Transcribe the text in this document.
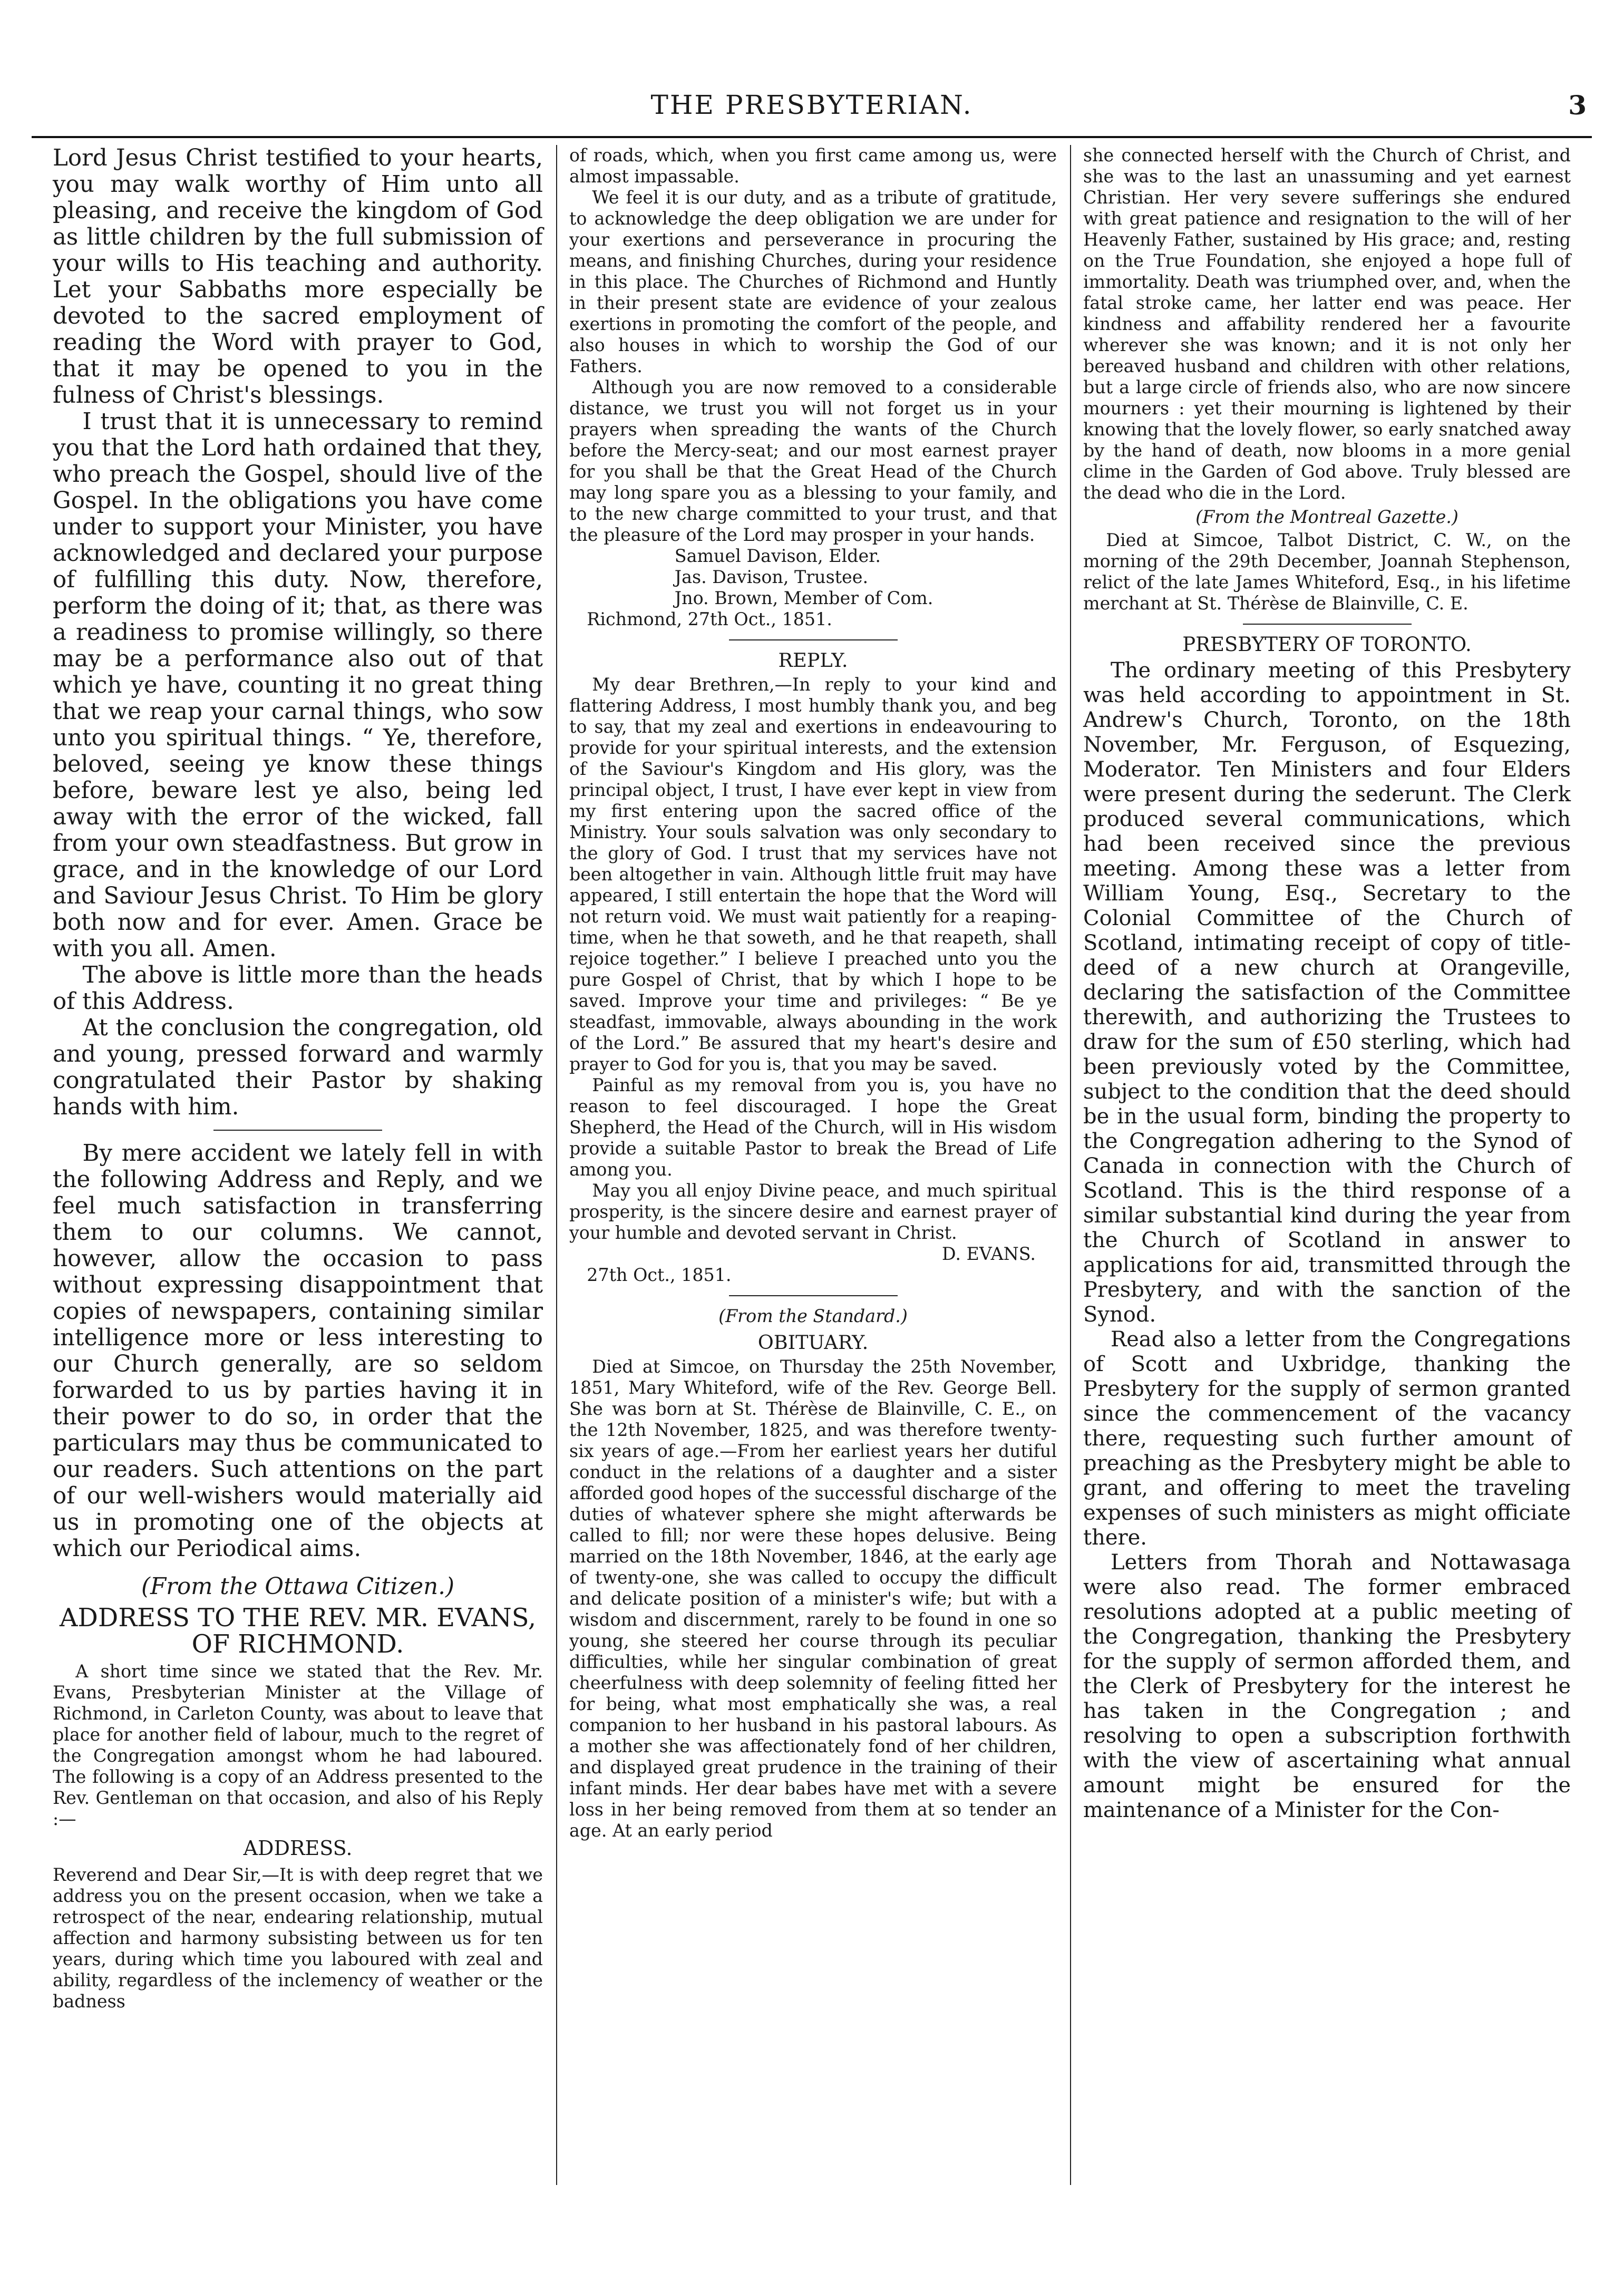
THE PRESBYTERIAN.	3

Lord Jesus Christ testified to your hearts, you may walk worthy of Him unto all pleasing, and receive the kingdom of God as little children by the full submission of your wills to His teaching and authority. Let your Sabbaths more especially be devoted to the sacred employment of reading the Word with prayer to God, that it may be opened to you in the fulness of Christ's blessings.

I trust that it is unnecessary to remind you that the Lord hath ordained that they, who preach the Gospel, should live of the Gospel. In the obligations you have come under to support your Minister, you have acknowledged and declared your purpose of fulfilling this duty. Now, therefore, perform the doing of it; that, as there was a readiness to promise willingly, so there may be a performance also out of that which ye have, counting it no great thing that we reap your carnal things, who sow unto you spiritual things. “ Ye, therefore, beloved, seeing ye know these things before, beware lest ye also, being led away with the error of the wicked, fall from your own steadfastness. But grow in grace, and in the knowledge of our Lord and Saviour Jesus Christ. To Him be glory both now and for ever. Amen. Grace be with you all. Amen.

The above is little more than the heads of this Address.

At the conclusion the congregation, old and young, pressed forward and warmly congratulated their Pastor by shaking hands with him.

By mere accident we lately fell in with the following Address and Reply, and we feel much satisfaction in transferring them to our columns. We cannot, however, allow the occasion to pass without expressing disappointment that copies of newspapers, containing similar intelligence more or less interesting to our Church generally, are so seldom forwarded to us by parties having it in their power to do so, in order that the particulars may thus be communicated to our readers. Such attentions on the part of our well-wishers would materially aid us in promoting one of the objects at which our Periodical aims.

(From the Ottawa Citizen.)

ADDRESS TO THE REV. MR. EVANS, OF RICHMOND.

A short time since we stated that the Rev. Mr. Evans, Presbyterian Minister at the Village of Richmond, in Carleton County, was about to leave that place for another field of labour, much to the regret of the Congregation amongst whom he had laboured. The following is a copy of an Address presented to the Rev. Gentleman on that occasion, and also of his Reply :—

ADDRESS.

Reverend and Dear Sir,—It is with deep regret that we address you on the present occasion, when we take a retrospect of the near, endearing relationship, mutual affection and harmony subsisting between us for ten years, during which time you laboured with zeal and ability, regardless of the inclemency of weather or the badness

of roads, which, when you first came among us, were almost impassable.

We feel it is our duty, and as a tribute of gratitude, to acknowledge the deep obligation we are under for your exertions and perseverance in procuring the means, and finishing Churches, during your residence in this place. The Churches of Richmond and Huntly in their present state are evidence of your zealous exertions in promoting the comfort of the people, and also houses in which to worship the God of our Fathers.

Although you are now removed to a considerable distance, we trust you will not forget us in your prayers when spreading the wants of the Church before the Mercy-seat; and our most earnest prayer for you shall be that the Great Head of the Church may long spare you as a blessing to your family, and to the new charge committed to your trust, and that the pleasure of the Lord may prosper in your hands.

Samuel Davison, Elder.

Jas. Davison, Trustee.

Jno. Brown, Member of Com.

Richmond, 27th Oct., 1851.

REPLY.

My dear Brethren,—In reply to your kind and flattering Address, I most humbly thank you, and beg to say, that my zeal and exertions in endeavouring to provide for your spiritual interests, and the extension of the Saviour's Kingdom and His glory, was the principal object, I trust, I have ever kept in view from my first entering upon the sacred office of the Ministry. Your souls salvation was only secondary to the glory of God. I trust that my services have not been altogether in vain. Although little fruit may have appeared, I still entertain the hope that the Word will not return void. We must wait patiently for a reaping-time, when he that soweth, and he that reapeth, shall rejoice together.” I believe I preached unto you the pure Gospel of Christ, that by which I hope to be saved. Improve your time and privileges: “ Be ye steadfast, immovable, always abounding in the work of the Lord.” Be assured that my heart's desire and prayer to God for you is, that you may be saved.

Painful as my removal from you is, you have no reason to feel discouraged. I hope the Great Shepherd, the Head of the Church, will in His wisdom provide a suitable Pastor to break the Bread of Life among you.

May you all enjoy Divine peace, and much spiritual prosperity, is the sincere desire and earnest prayer of your humble and devoted servant in Christ.

D. EVANS.

27th Oct., 1851.

(From the Standard.)

OBITUARY.

Died at Simcoe, on Thursday the 25th November, 1851, Mary Whiteford, wife of the Rev. George Bell. She was born at St. Thérèse de Blainville, C. E., on the 12th November, 1825, and was therefore twenty-six years of age.—From her earliest years her dutiful conduct in the relations of a daughter and a sister afforded good hopes of the successful discharge of the duties of whatever sphere she might afterwards be called to fill; nor were these hopes delusive. Being married on the 18th November, 1846, at the early age of twenty-one, she was called to occupy the difficult and delicate position of a minister's wife; but with a wisdom and discernment, rarely to be found in one so young, she steered her course through its peculiar difficulties, while her singular combination of great cheerfulness with deep solemnity of feeling fitted her for being, what most emphatically she was, a real companion to her husband in his pastoral labours. As a mother she was affectionately fond of her children, and displayed great prudence in the training of their infant minds. Her dear babes have met with a severe loss in her being removed from them at so tender an age. At an early period

she connected herself with the Church of Christ, and she was to the last an unassuming and yet earnest Christian. Her very severe sufferings she endured with great patience and resignation to the will of her Heavenly Father, sustained by His grace; and, resting on the True Foundation, she enjoyed a hope full of immortality. Death was triumphed over, and, when the fatal stroke came, her latter end was peace. Her kindness and affability rendered her a favourite wherever she was known; and it is not only her bereaved husband and children with other relations, but a large circle of friends also, who are now sincere mourners : yet their mourning is lightened by their knowing that the lovely flower, so early snatched away by the hand of death, now blooms in a more genial clime in the Garden of God above. Truly blessed are the dead who die in the Lord.

(From the Montreal Gazette.)

Died at Simcoe, Talbot District, C. W., on the morning of the 29th December, Joannah Stephenson, relict of the late James Whiteford, Esq., in his lifetime merchant at St. Thérèse de Blainville, C. E.

PRESBYTERY OF TORONTO.

The ordinary meeting of this Presbytery was held according to appointment in St. Andrew's Church, Toronto, on the 18th November, Mr. Ferguson, of Esquezing, Moderator. Ten Ministers and four Elders were present during the sederunt. The Clerk produced several communications, which had been received since the previous meeting. Among these was a letter from William Young, Esq., Secretary to the Colonial Committee of the Church of Scotland, intimating receipt of copy of title-deed of a new church at Orangeville, declaring the satisfaction of the Committee therewith, and authorizing the Trustees to draw for the sum of £50 sterling, which had been previously voted by the Committee, subject to the condition that the deed should be in the usual form, binding the property to the Congregation adhering to the Synod of Canada in connection with the Church of Scotland. This is the third response of a similar substantial kind during the year from the Church of Scotland in answer to applications for aid, transmitted through the Presbytery, and with the sanction of the Synod.

Read also a letter from the Congregations of Scott and Uxbridge, thanking the Presbytery for the supply of sermon granted since the commencement of the vacancy there, requesting such further amount of preaching as the Presbytery might be able to grant, and offering to meet the traveling expenses of such ministers as might officiate there.

Letters from Thorah and Nottawasaga were also read. The former embraced resolutions adopted at a public meeting of the Congregation, thanking the Presbytery for the supply of sermon afforded them, and the Clerk of Presbytery for the interest he has taken in the Congregation ; and resolving to open a subscription forthwith with the view of ascertaining what annual amount might be ensured for the maintenance of a Minister for the Con-
